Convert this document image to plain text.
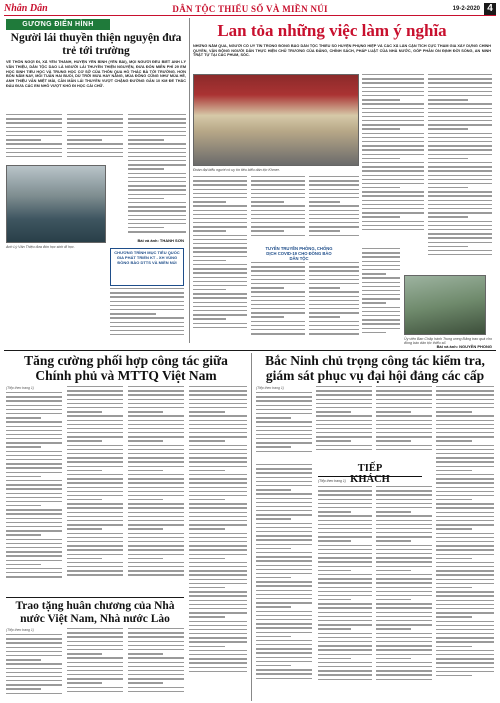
Nhân Dân	DÂN TỘC THIỂU SỐ VÀ MIỀN NÚI	19-2-2020 4
GƯƠNG ĐIỂN HÌNH
Người lái thuyền thiện nguyện đưa trẻ tới trường
VỀ THÔN NGỢI ĐI, XÃ YÊN THÀNH, HUYỆN YÊN BÌNH (YÊN BÁI), MỌI NGƯỜI ĐỀU BIẾT ANH LÝ VĂN THIỆU, DÂN TỘC DAO LÀ NGƯỜI LÁI THUYỀN THIỆN NGUYỆN, ĐƯA ĐÓN MIỄN PHÍ 29 EM HỌC SINH TIỂU HỌC VÀ TRUNG HỌC CƠ SỞ CỦA THÔN QUA HỒ THÁC BÀ TỚI TRƯỜNG. HƠN BỐN NĂM NAY, MỖI TUẦN HAI BUỔI, DÙ TRỜI MƯA HAY NẮNG, MÙA ĐÔNG CŨNG NHƯ MÙA HÈ, ANH THIỆU VẪN MIỆT MÀI, CẦN MẪN LÁI THUYỀN VƯỢT CHẶNG ĐƯỜNG GẦN 10 KM ĐỂ THẮC ĐẨU ĐƯA CÁC EM NHỎ VƯỢT KHÓ ĐI HỌC CÁI CHỮ.
Anh Lý Văn Thiệu đưa đón học sinh đi học.
Bài và ảnh: THANH SƠN
Lan tỏa những việc làm ý nghĩa
NHỮNG NĂM QUA, NGƯỜI CÓ UY TÍN TRONG ĐỒNG BÀO DÂN TỘC THIỂU SỐ HUYỆN PHỤNG HIỆP VÀ CÁC XÃ LÂN CẬN TÍCH CỰC THAM GIA XÂY DỰNG CHÍNH QUYỀN, VẬN ĐỘNG NGƯỜI DÂN THỰC HIỆN CHỦ TRƯƠNG CỦA ĐẢNG, CHÍNH SÁCH, PHÁP LUẬT CỦA NHÀ NƯỚC, GÓP PHẦN ỔN ĐỊNH ĐỜI SỐNG, AN NINH TRẬT TỰ TẠI CÁC PHUM, SÓC.
Đoàn đại biểu người có uy tín tiêu biểu dân tộc Khmer.
CHƯƠNG TRÌNH MỤC TIÊU QUỐC GIA PHÁT TRIỂN KT - XH VÙNG ĐỒNG BÀO DTTS VÀ MIỀN NÚI
TUYÊN TRUYỀN PHÒNG, CHỐNG DỊCH COVID-19 CHO ĐỒNG BÀO DÂN TỘC
Ủy viên Ban Chấp hành Trung ương Đảng trao quà cho đồng bào dân tộc thiểu số.
Bài và ảnh: NGUYỄN PHONG
Tăng cường phối hợp công tác giữa Chính phủ và MTTQ Việt Nam
(Tiếp theo trang 1)
Trao tặng huân chương của Nhà nước Việt Nam, Nhà nước Lào
(Tiếp theo trang 1)
Bắc Ninh chủ trọng công tác kiểm tra, giám sát phục vụ đại hội đảng các cấp
(Tiếp theo trang 1)
TIẾP KHÁCH
(Tiếp theo trang 1)
